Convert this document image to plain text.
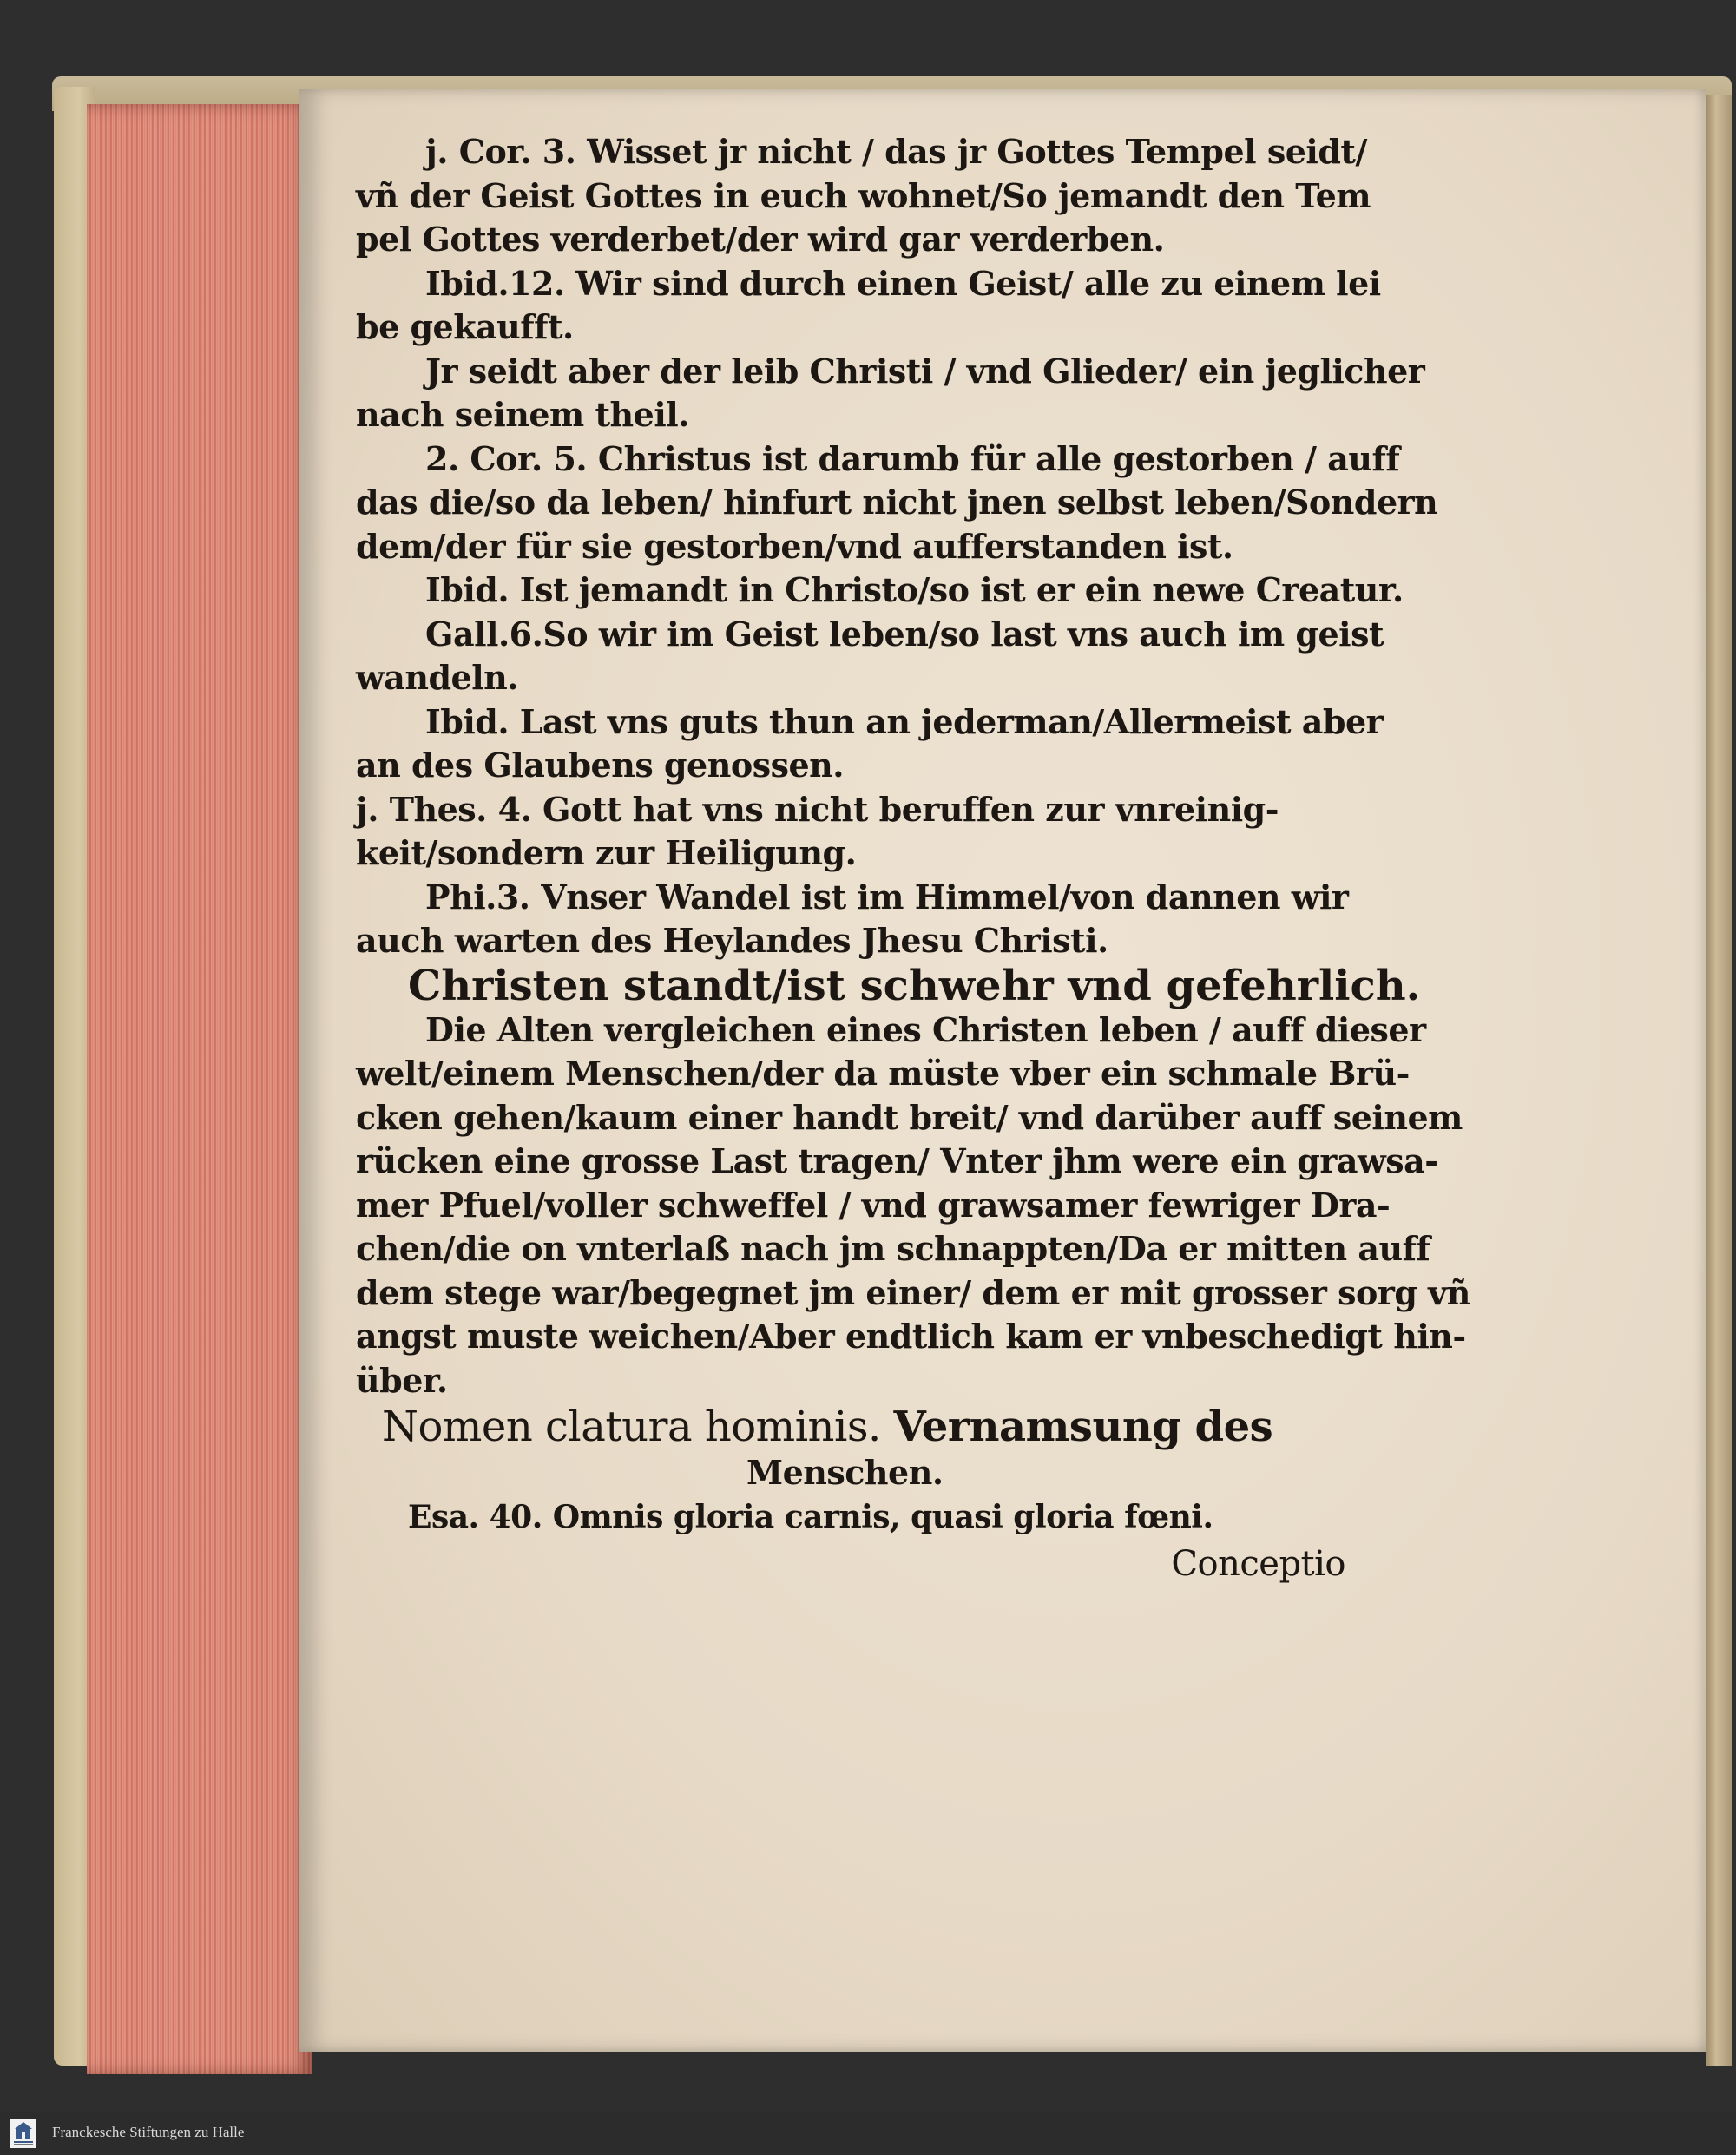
j. Cor. 3. Wisset jr nicht / das jr Gottes Tempel seidt/
vñ der Geist Gottes in euch wohnet/So jemandt den Tem
pel Gottes verderbet/der wird gar verderben.
Ibid.12. Wir sind durch einen Geist/ alle zu einem lei
be gekaufft.
Jr seidt aber der leib Christi / vnd Glieder/ ein jeglicher
nach seinem theil.
2. Cor. 5. Christus ist darumb für alle gestorben / auff
das die/so da leben/ hinfurt nicht jnen selbst leben/Sondern
dem/der für sie gestorben/vnd aufferstanden ist.
Ibid. Ist jemandt in Christo/so ist er ein newe Creatur.
Gall.6.So wir im Geist leben/so last vns auch im geist
wandeln.
Ibid. Last vns guts thun an jederman/Allermeist aber
an des Glaubens genossen.
j. Thes. 4. Gott hat vns nicht beruffen zur vnreinig-
keit/sondern zur Heiligung.
Phi.3. Vnser Wandel ist im Himmel/von dannen wir
auch warten des Heylandes Jhesu Christi.
Christen standt/ist schwehr vnd gefehrlich.
Die Alten vergleichen eines Christen leben / auff dieser
welt/einem Menschen/der da müste vber ein schmale Brü-
cken gehen/kaum einer handt breit/ vnd darüber auff seinem
rücken eine grosse Last tragen/ Vnter jhm were ein grawsa-
mer Pfuel/voller schweffel / vnd grawsamer fewriger Dra-
chen/die on vnterlaß nach jm schnappten/Da er mitten auff
dem stege war/begegnet jm einer/ dem er mit grosser sorg vñ
angst muste weichen/Aber endtlich kam er vnbeschedigt hin-
über.
Nomen clatura hominis. Vernamsung des
Menschen.
Esa. 40. Omnis gloria carnis, quasi gloria fœni.
Conceptio
Franckesche Stiftungen zu Halle
